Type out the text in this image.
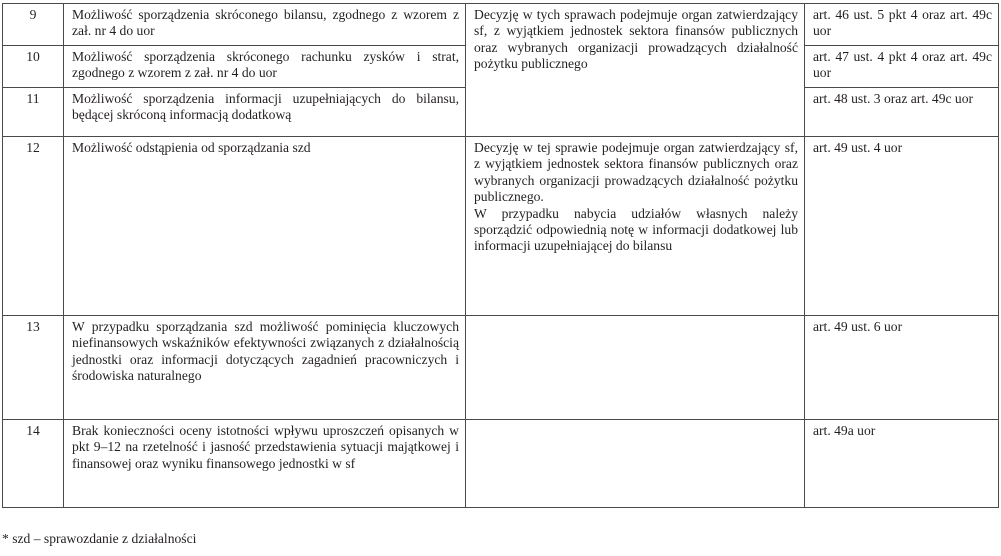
9	Możliwość sporządzenia skróconego bilansu, zgodnego z wzorem z zał. nr 4 do uor	Decyzję w tych sprawach podejmuje organ zatwierdzający sf, z wyjątkiem jednostek sektora finansów publicznych oraz wybranych organizacji prowadzących działalność pożytku publicznego	art. 46 ust. 5 pkt 4 oraz art. 49c uor
10	Możliwość sporządzenia skróconego rachunku zysków i strat, zgodnego z wzorem z zał. nr 4 do uor		art. 47 ust. 4 pkt 4 oraz art. 49c uor
11	Możliwość sporządzenia informacji uzupełniających do bilansu, będącej skróconą informacją dodatkową		art. 48 ust. 3 oraz art. 49c uor
12	Możliwość odstąpienia od sporządzania szd	Decyzję w tej sprawie podejmuje organ zatwierdzający sf, z wyjątkiem jednostek sektora finansów publicznych oraz wybranych organizacji prowadzących działalność pożytku publicznego.
W przypadku nabycia udziałów własnych należy sporządzić odpowiednią notę w informacji dodatkowej lub informacji uzupełniającej do bilansu	art. 49 ust. 4 uor
13	W przypadku sporządzania szd możliwość pominięcia kluczowych niefinansowych wskaźników efektywności związanych z działalnością jednostki oraz informacji dotyczących zagadnień pracowniczych i środowiska naturalnego		art. 49 ust. 6 uor
14	Brak konieczności oceny istotności wpływu uproszczeń opisanych w pkt 9–12 na rzetelność i jasność przedstawienia sytuacji majątkowej i finansowej oraz wyniku finansowego jednostki w sf		art. 49a uor
* szd – sprawozdanie z działalności
